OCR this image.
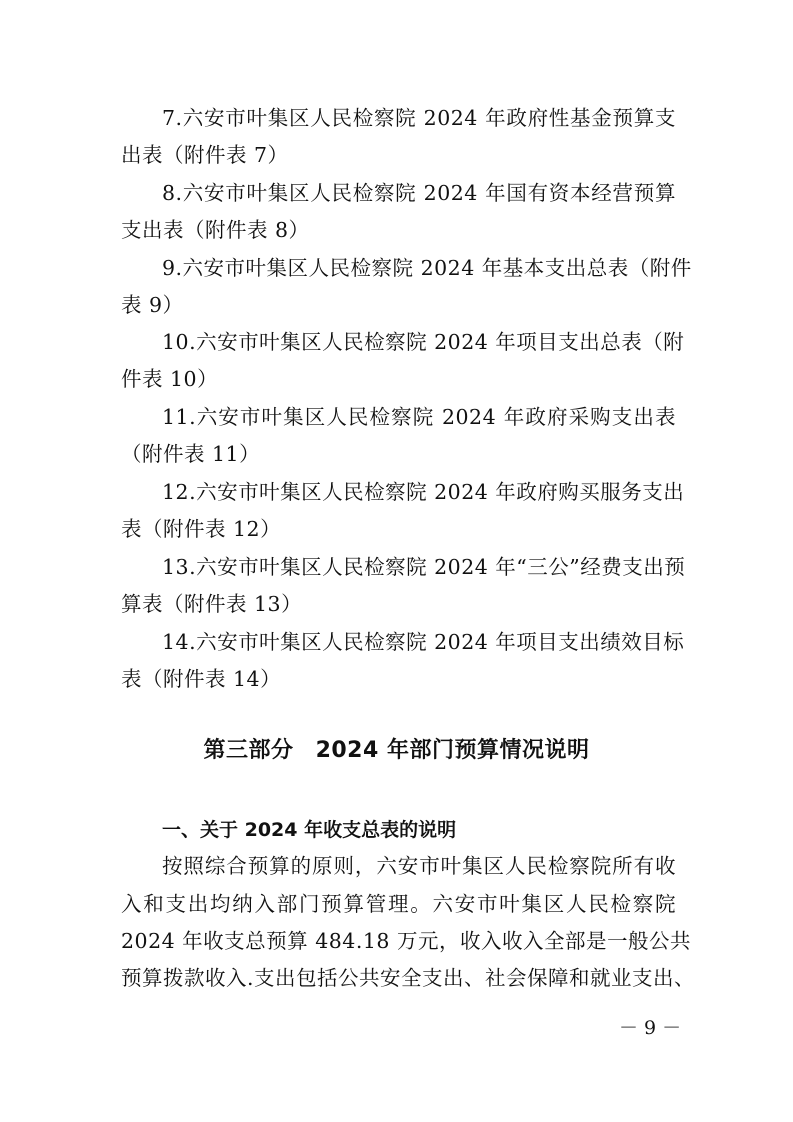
7.六安市叶集区人民检察院 2024 年政府性基金预算支
出表（附件表 7）
8.六安市叶集区人民检察院 2024 年国有资本经营预算
支出表（附件表 8）
9.六安市叶集区人民检察院 2024 年基本支出总表（附件
表 9）
10.六安市叶集区人民检察院 2024 年项目支出总表（附
件表 10）
11.六安市叶集区人民检察院 2024 年政府采购支出表
（附件表 11）
12.六安市叶集区人民检察院 2024 年政府购买服务支出
表（附件表 12）
13.六安市叶集区人民检察院 2024 年“三公”经费支出预
算表（附件表 13）
14.六安市叶集区人民检察院 2024 年项目支出绩效目标
表（附件表 14）
第三部分 2024 年部门预算情况说明
一、关于 2024 年收支总表的说明
按照综合预算的原则，六安市叶集区人民检察院所有收
入和支出均纳入部门预算管理。六安市叶集区人民检察院
2024 年收支总预算 484.18 万元，收入收入全部是一般公共
预算拨款收入.支出包括公共安全支出、社会保障和就业支出、
－ 9 －
